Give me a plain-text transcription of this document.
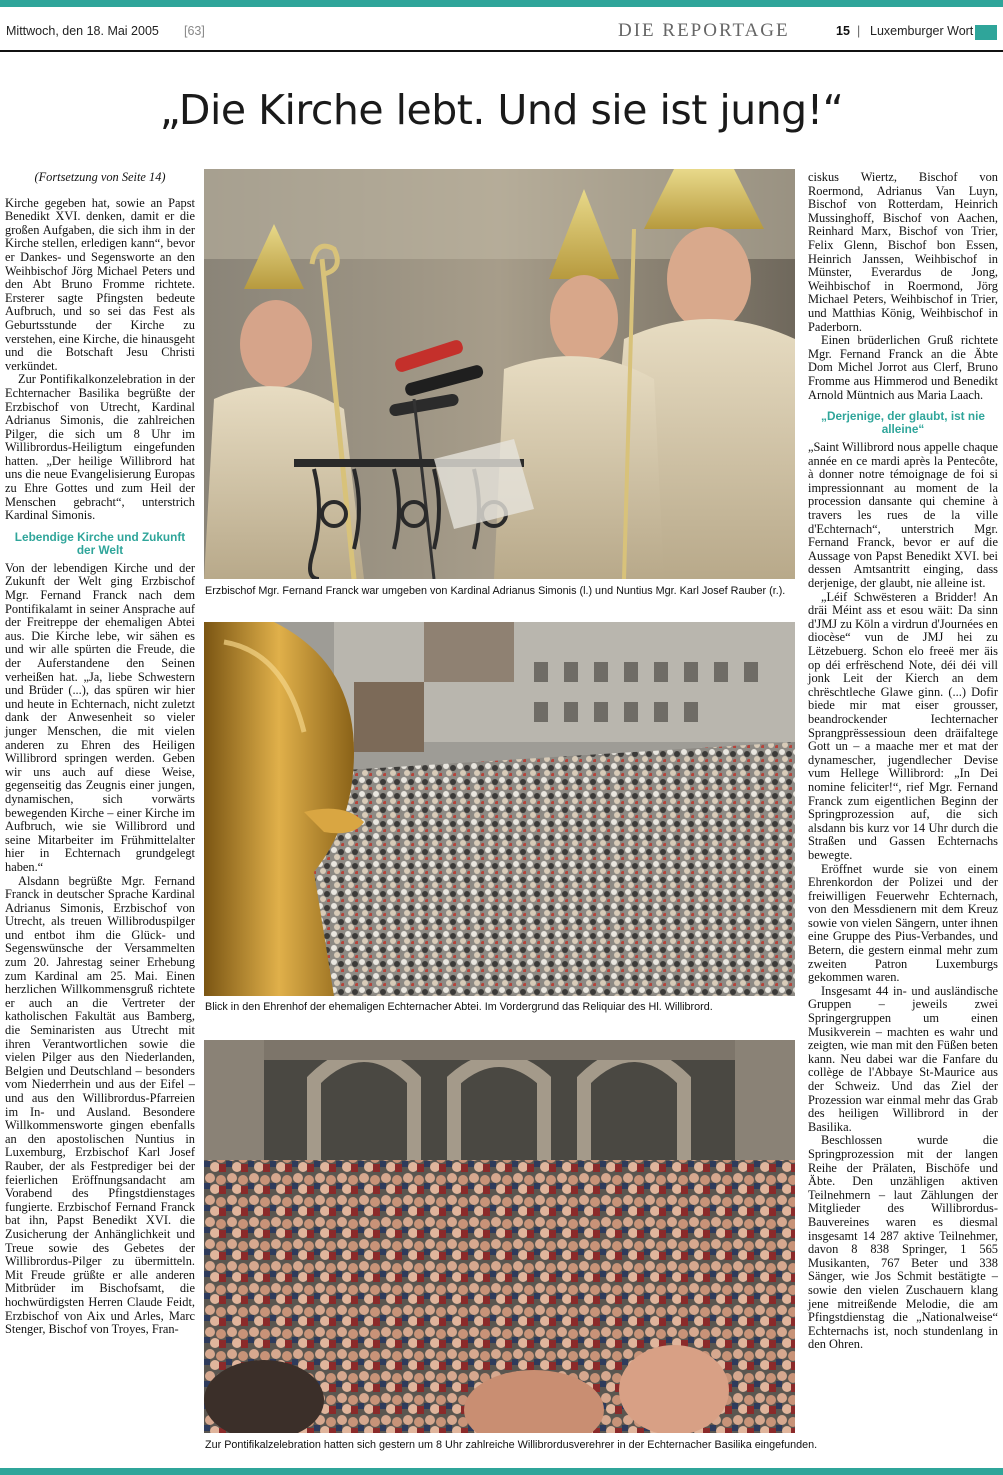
Mittwoch, den 18. Mai 2005 [63]	DIE REPORTAGE	15 | Luxemburger Wort
„Die Kirche lebt. Und sie ist jung!“

(Fortsetzung von Seite 14)

Kirche gegeben hat, sowie an Papst Benedikt XVI. denken, damit er die großen Aufgaben, die sich ihm in der Kirche stellen, erledigen kann“, bevor er Dankes- und Segensworte an den Weihbischof Jörg Michael Peters und den Abt Bruno Fromme richtete. Ersterer sagte Pfingsten bedeute Aufbruch, und so sei das Fest als Geburtsstunde der Kirche zu verstehen, eine Kirche, die hinausgeht und die Botschaft Jesu Christi verkündet.

Zur Pontifikalkonzelebration in der Echternacher Basilika begrüßte der Erzbischof von Utrecht, Kardinal Adrianus Simonis, die zahlreichen Pilger, die sich um 8 Uhr im Willibrordus-Heiligtum eingefunden hatten. „Der heilige Willibrord hat uns die neue Evangelisierung Europas zu Ehre Gottes und zum Heil der Menschen gebracht“, unterstrich Kardinal Simonis.

Lebendige Kirche und Zukunft der Welt

Von der lebendigen Kirche und der Zukunft der Welt ging Erzbischof Mgr. Fernand Franck nach dem Pontifikalamt in seiner Ansprache auf der Freitreppe der ehemaligen Abtei aus. Die Kirche lebe, wir sähen es und wir alle spürten die Freude, die der Auferstandene den Seinen verheißen hat. „Ja, liebe Schwestern und Brüder (...), das spüren wir hier und heute in Echternach, nicht zuletzt dank der Anwesenheit so vieler junger Menschen, die mit vielen anderen zu Ehren des Heiligen Willibrord springen werden. Geben wir uns auch auf diese Weise, gegenseitig das Zeugnis einer jungen, dynamischen, sich vorwärts bewegenden Kirche – einer Kirche im Aufbruch, wie sie Willibrord und seine Mitarbeiter im Frühmittelalter hier in Echternach grundgelegt haben.“

Alsdann begrüßte Mgr. Fernand Franck in deutscher Sprache Kardinal Adrianus Simonis, Erzbischof von Utrecht, als treuen Willibroduspilger und entbot ihm die Glück- und Segenswünsche der Versammelten zum 20. Jahrestag seiner Erhebung zum Kardinal am 25. Mai. Einen herzlichen Willkommensgruß richtete er auch an die Vertreter der katholischen Fakultät aus Bamberg, die Seminaristen aus Utrecht mit ihren Verantwortlichen sowie die vielen Pilger aus den Niederlanden, Belgien und Deutschland – besonders vom Niederrhein und aus der Eifel – und aus den Willibrordus-Pfarreien im In- und Ausland. Besondere Willkommensworte gingen ebenfalls an den apostolischen Nuntius in Luxemburg, Erzbischof Karl Josef Rauber, der als Festprediger bei der feierlichen Eröffnungsandacht am Vorabend des Pfingstdienstages fungierte. Erzbischof Fernand Franck bat ihn, Papst Benedikt XVI. die Zusicherung der Anhänglichkeit und Treue sowie des Gebetes der Willibrordus-Pilger zu übermitteln. Mit Freude grüßte er alle anderen Mitbrüder im Bischofsamt, die hochwürdigsten Herren Claude Feidt, Erzbischof von Aix und Arles, Marc Stenger, Bischof von Troyes, Fran-

Erzbischof Mgr. Fernand Franck war umgeben von Kardinal Adrianus Simonis (l.) und Nuntius Mgr. Karl Josef Rauber (r.).
Blick in den Ehrenhof der ehemaligen Echternacher Abtei. Im Vordergrund das Reliquiar des Hl. Willibrord.
Zur Pontifikalzelebration hatten sich gestern um 8 Uhr zahlreiche Willibrordusverehrer in der Echternacher Basilika eingefunden.

ciskus Wiertz, Bischof von Roermond, Adrianus Van Luyn, Bischof von Rotterdam, Heinrich Mussinghoff, Bischof von Aachen, Reinhard Marx, Bischof von Trier, Felix Glenn, Bischof bon Essen, Heinrich Janssen, Weihbischof in Münster, Everardus de Jong, Weihbischof in Roermond, Jörg Michael Peters, Weihbischof in Trier, und Matthias König, Weihbischof in Paderborn.

Einen brüderlichen Gruß richtete Mgr. Fernand Franck an die Äbte Dom Michel Jorrot aus Clerf, Bruno Fromme aus Himmerod und Benedikt Arnold Müntnich aus Maria Laach.

„Derjenige, der glaubt, ist nie alleine“

„Saint Willibrord nous appelle chaque année en ce mardi après la Pentecôte, à donner notre témoignage de foi si impressionnant au moment de la procession dansante qui chemine à travers les rues de la ville d'Echternach“, unterstrich Mgr. Fernand Franck, bevor er auf die Aussage von Papst Benedikt XVI. bei dessen Amtsantritt einging, dass derjenige, der glaubt, nie alleine ist.

„Léif Schwësteren a Bridder! An dräi Méint ass et esou wäit: Da sinn d'JMJ zu Köln a virdrun d'Journées en diocèse“ vun de JMJ hei zu Lëtzebuerg. Schon elo freeë mer äis op déi erfrëschend Note, déi déi vill jonk Leit der Kierch an dem chrëschtleche Glawe ginn. (...) Dofir biede mir mat eiser grousser, beandrockender Iechternacher Sprangprëssessioun deen dräifaltege Gott un – a maache mer et mat der dynamescher, jugendlecher Devise vum Hellege Willibrord: „In Dei nomine feliciter!“, rief Mgr. Fernand Franck zum eigentlichen Beginn der Springprozession auf, die sich alsdann bis kurz vor 14 Uhr durch die Straßen und Gassen Echternachs bewegte.

Eröffnet wurde sie von einem Ehrenkordon der Polizei und der freiwilligen Feuerwehr Echternach, von den Messdienern mit dem Kreuz sowie von vielen Sängern, unter ihnen eine Gruppe des Pius-Verbandes, und Betern, die gestern einmal mehr zum zweiten Patron Luxemburgs gekommen waren.

Insgesamt 44 in- und ausländische Gruppen – jeweils zwei Springergruppen um einen Musikverein – machten es wahr und zeigten, wie man mit den Füßen beten kann. Neu dabei war die Fanfare du collège de l'Abbaye St-Maurice aus der Schweiz. Und das Ziel der Prozession war einmal mehr das Grab des heiligen Willibrord in der Basilika.

Beschlossen wurde die Springprozession mit der langen Reihe der Prälaten, Bischöfe und Äbte. Den unzähligen aktiven Teilnehmern – laut Zählungen der Mitglieder des Willibrordus-Bauvereines waren es diesmal insgesamt 14 287 aktive Teilnehmer, davon 8 838 Springer, 1 565 Musikanten, 767 Beter und 338 Sänger, wie Jos Schmit bestätigte – sowie den vielen Zuschauern klang jene mitreißende Melodie, die am Pfingstdienstag die „Nationalweise“ Echternachs ist, noch stundenlang in den Ohren.
